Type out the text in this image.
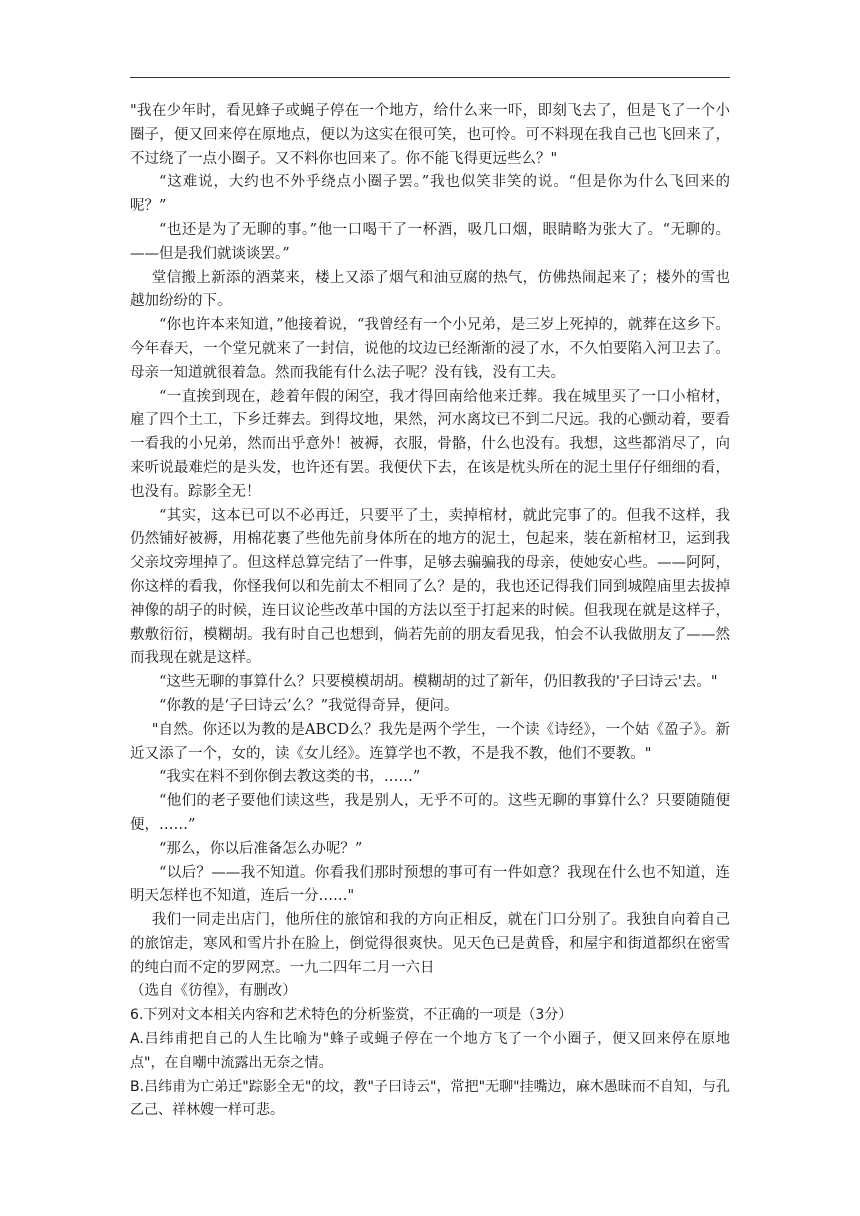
"我在少年时，看见蜂子或蝇子停在一个地方，给什么来一吓，即刻飞去了，但是飞了一个小圈子，便又回来停在原地点，便以为这实在很可笑，也可怜。可不料现在我自己也飞回来了，不过绕了一点小圈子。又不料你也回来了。你不能飞得更远些么？"

“这难说，大约也不外乎绕点小圈子罢。”我也似笑非笑的说。“但是你为什么飞回来的呢？”

“也还是为了无聊的事。”他一口喝干了一杯酒，吸几口烟，眼睛略为张大了。“无聊的。——但是我们就谈谈罢。”

堂信搬上新添的酒菜来，楼上又添了烟气和油豆腐的热气，仿佛热闹起来了；楼外的雪也越加纷纷的下。

“你也许本来知道，”他接着说，“我曾经有一个小兄弟，是三岁上死掉的，就葬在这乡下。今年春天，一个堂兄就来了一封信，说他的坟边已经渐渐的浸了水，不久怕要陷入河卫去了。母亲一知道就很着急。然而我能有什么法子呢？没有钱，没有工夫。

“一直挨到现在，趁着年假的闲空，我才得回南给他来迁葬。我在城里买了一口小棺材，雇了四个土工，下乡迁葬去。到得坟地，果然，河水离坟已不到二尺远。我的心颤动着，要看一看我的小兄弟，然而出乎意外！被褥，衣服，骨骼，什么也没有。我想，这些都消尽了，向来听说最难烂的是头发，也许还有罢。我便伏下去，在该是枕头所在的泥土里仔仔细细的看，也没有。踪影全无！

“其实，这本已可以不必再迁，只要平了土，卖掉棺材，就此完事了的。但我不这样，我仍然铺好被褥，用棉花裹了些他先前身体所在的地方的泥土，包起来，装在新棺材卫，运到我父亲坟旁埋掉了。但这样总算完结了一件事，足够去骗骗我的母亲，使她安心些。——阿阿，你这样的看我，你怪我何以和先前太不相同了么？是的，我也还记得我们同到城隍庙里去拔掉神像的胡子的时候，连日议论些改革中国的方法以至于打起来的时候。但我现在就是这样子，敷敷衍衍，模糊胡。我有时自己也想到，倘若先前的朋友看见我，怕会不认我做朋友了——然而我现在就是这样。

“这些无聊的事算什么？只要模模胡胡。模糊胡的过了新年，仍旧教我的'子曰诗云'去。"

“你教的是‘子曰诗云’么？”我觉得奇异，便问。

"自然。你还以为教的是ABCD么？我先是两个学生，一个读《诗经》，一个姑《盈子》。新近又添了一个，女的，读《女儿经》。连算学也不教，不是我不教，他们不要教。"

“我实在料不到你倒去教这类的书，……”

“他们的老子要他们读这些，我是别人，无乎不可的。这些无聊的事算什么？只要随随便便，……”

“那么，你以后准备怎么办呢？”

“以后？——我不知道。你看我们那时预想的事可有一件如意？我现在什么也不知道，连明天怎样也不知道，连后一分……"

我们一同走出店门，他所住的旅馆和我的方向正相反，就在门口分别了。我独自向着自己的旅馆走，寒风和雪片扑在脸上，倒觉得很爽快。见天色已是黄昏，和屋宇和街道都织在密雪的纯白而不定的罗网烹。一九二四年二月一六日

（选自《彷徨》，有删改）

6.下列对文本相关内容和艺术特色的分析鉴赏，不正确的一项是（3分）

A.吕纬甫把自己的人生比喻为"蜂子或蝇子停在一个地方飞了一个小圈子，便又回来停在原地点"，在自嘲中流露出无奈之情。

B.吕纬甫为亡弟迁"踪影全无"的坟，教"子曰诗云"，常把"无聊"挂嘴边，麻木愚昧而不自知，与孔乙己、祥林嫂一样可悲。
